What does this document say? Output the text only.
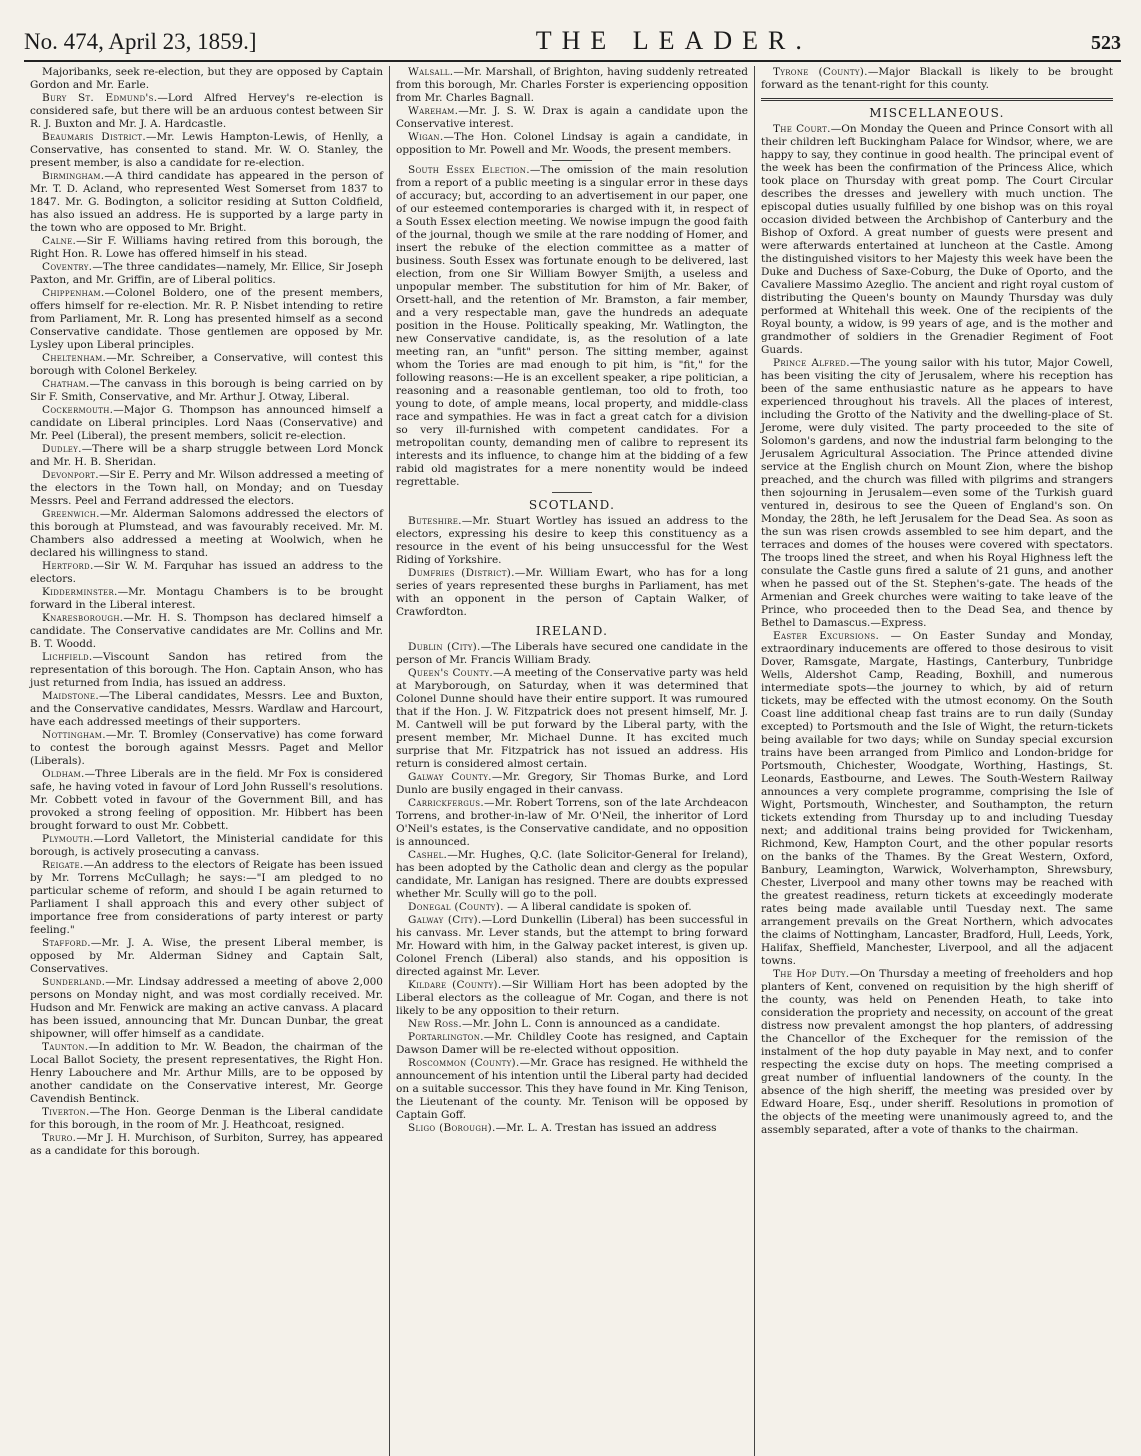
No. 474, April 23, 1859.]	THE LEADER.	523

Majoribanks, seek re-election, but they are opposed by Captain Gordon and Mr. Earle.

Bury St. Edmund's.—Lord Alfred Hervey's re-election is considered safe, but there will be an arduous contest between Sir R. J. Buxton and Mr. J. A. Hardcastle.

Beaumaris District.—Mr. Lewis Hampton-Lewis, of Henlly, a Conservative, has consented to stand. Mr. W. O. Stanley, the present member, is also a candidate for re-election.

Birmingham.—A third candidate has appeared in the person of Mr. T. D. Acland, who represented West Somerset from 1837 to 1847. Mr. G. Bodington, a solicitor residing at Sutton Coldfield, has also issued an address. He is supported by a large party in the town who are opposed to Mr. Bright.

Calne.—Sir F. Williams having retired from this borough, the Right Hon. R. Lowe has offered himself in his stead.

Coventry.—The three candidates—namely, Mr. Ellice, Sir Joseph Paxton, and Mr. Griffin, are of Liberal politics.

Chippenham.—Colonel Boldero, one of the present members, offers himself for re-election. Mr. R. P. Nisbet intending to retire from Parliament, Mr. R. Long has presented himself as a second Conservative candidate. Those gentlemen are opposed by Mr. Lysley upon Liberal principles.

Cheltenham.—Mr. Schreiber, a Conservative, will contest this borough with Colonel Berkeley.

Chatham.—The canvass in this borough is being carried on by Sir F. Smith, Conservative, and Mr. Arthur J. Otway, Liberal.

Cockermouth.—Major G. Thompson has announced himself a candidate on Liberal principles. Lord Naas (Conservative) and Mr. Peel (Liberal), the present members, solicit re-election.

Dudley.—There will be a sharp struggle between Lord Monck and Mr. H. B. Sheridan.

Devonport.—Sir E. Perry and Mr. Wilson addressed a meeting of the electors in the Town hall, on Monday; and on Tuesday Messrs. Peel and Ferrand addressed the electors.

Greenwich.—Mr. Alderman Salomons addressed the electors of this borough at Plumstead, and was favourably received. Mr. M. Chambers also addressed a meeting at Woolwich, when he declared his willingness to stand.

Hertford.—Sir W. M. Farquhar has issued an address to the electors.

Kidderminster.—Mr. Montagu Chambers is to be brought forward in the Liberal interest.

Knaresborough.—Mr. H. S. Thompson has declared himself a candidate. The Conservative candidates are Mr. Collins and Mr. B. T. Woodd.

Lichfield.—Viscount Sandon has retired from the representation of this borough. The Hon. Captain Anson, who has just returned from India, has issued an address.

Maidstone.—The Liberal candidates, Messrs. Lee and Buxton, and the Conservative candidates, Messrs. Wardlaw and Harcourt, have each addressed meetings of their supporters.

Nottingham.—Mr. T. Bromley (Conservative) has come forward to contest the borough against Messrs. Paget and Mellor (Liberals).

Oldham.—Three Liberals are in the field. Mr Fox is considered safe, he having voted in favour of Lord John Russell's resolutions. Mr. Cobbett voted in favour of the Government Bill, and has provoked a strong feeling of opposition. Mr. Hibbert has been brought forward to oust Mr. Cobbett.

Plymouth.—Lord Valletort, the Ministerial candidate for this borough, is actively prosecuting a canvass.

Reigate.—An address to the electors of Reigate has been issued by Mr. Torrens McCullagh; he says:—"I am pledged to no particular scheme of reform, and should I be again returned to Parliament I shall approach this and every other subject of importance free from considerations of party interest or party feeling."

Stafford.—Mr. J. A. Wise, the present Liberal member, is opposed by Mr. Alderman Sidney and Captain Salt, Conservatives.

Sunderland.—Mr. Lindsay addressed a meeting of above 2,000 persons on Monday night, and was most cordially received. Mr. Hudson and Mr. Fenwick are making an active canvass. A placard has been issued, announcing that Mr. Duncan Dunbar, the great shipowner, will offer himself as a candidate.

Taunton.—In addition to Mr. W. Beadon, the chairman of the Local Ballot Society, the present representatives, the Right Hon. Henry Labouchere and Mr. Arthur Mills, are to be opposed by another candidate on the Conservative interest, Mr. George Cavendish Bentinck.

Tiverton.—The Hon. George Denman is the Liberal candidate for this borough, in the room of Mr. J. Heathcoat, resigned.

Truro.—Mr J. H. Murchison, of Surbiton, Surrey, has appeared as a candidate for this borough.

Walsall.—Mr. Marshall, of Brighton, having suddenly retreated from this borough, Mr. Charles Forster is experiencing opposition from Mr. Charles Bagnall.

Wareham.—Mr. J. S. W. Drax is again a candidate upon the Conservative interest.

Wigan.—The Hon. Colonel Lindsay is again a candidate, in opposition to Mr. Powell and Mr. Woods, the present members.

South Essex Election.—The omission of the main resolution from a report of a public meeting is a singular error in these days of accuracy; but, according to an advertisement in our paper, one of our esteemed contemporaries is charged with it, in respect of a South Essex election meeting. We nowise impugn the good faith of the journal, though we smile at the rare nodding of Homer, and insert the rebuke of the election committee as a matter of business. South Essex was fortunate enough to be delivered, last election, from one Sir William Bowyer Smijth, a useless and unpopular member. The substitution for him of Mr. Baker, of Orsett-hall, and the retention of Mr. Bramston, a fair member, and a very respectable man, gave the hundreds an adequate position in the House. Politically speaking, Mr. Watlington, the new Conservative candidate, is, as the resolution of a late meeting ran, an "unfit" person. The sitting member, against whom the Tories are mad enough to pit him, is "fit," for the following reasons:—He is an excellent speaker, a ripe politician, a reasoning and a reasonable gentleman, too old to froth, too young to dote, of ample means, local property, and middle-class race and sympathies. He was in fact a great catch for a division so very ill-furnished with competent candidates. For a metropolitan county, demanding men of calibre to represent its interests and its influence, to change him at the bidding of a few rabid old magistrates for a mere nonentity would be indeed regrettable.

SCOTLAND.

Buteshire.—Mr. Stuart Wortley has issued an address to the electors, expressing his desire to keep this constituency as a resource in the event of his being unsuccessful for the West Riding of Yorkshire.

Dumfries (District).—Mr. William Ewart, who has for a long series of years represented these burghs in Parliament, has met with an opponent in the person of Captain Walker, of Crawfordton.

IRELAND.

Dublin (City).—The Liberals have secured one candidate in the person of Mr. Francis William Brady.

Queen's County.—A meeting of the Conservative party was held at Maryborough, on Saturday, when it was determined that Colonel Dunne should have their entire support. It was rumoured that if the Hon. J. W. Fitzpatrick does not present himself, Mr. J. M. Cantwell will be put forward by the Liberal party, with the present member, Mr. Michael Dunne. It has excited much surprise that Mr. Fitzpatrick has not issued an address. His return is considered almost certain.

Galway County.—Mr. Gregory, Sir Thomas Burke, and Lord Dunlo are busily engaged in their canvass.

Carrickfergus.—Mr. Robert Torrens, son of the late Archdeacon Torrens, and brother-in-law of Mr. O'Neil, the inheritor of Lord O'Neil's estates, is the Conservative candidate, and no opposition is announced.

Cashel.—Mr. Hughes, Q.C. (late Solicitor-General for Ireland), has been adopted by the Catholic dean and clergy as the popular candidate, Mr. Lanigan has resigned. There are doubts expressed whether Mr. Scully will go to the poll.

Donegal (County). — A liberal candidate is spoken of.

Galway (City).—Lord Dunkellin (Liberal) has been successful in his canvass. Mr. Lever stands, but the attempt to bring forward Mr. Howard with him, in the Galway packet interest, is given up. Colonel French (Liberal) also stands, and his opposition is directed against Mr. Lever.

Kildare (County).—Sir William Hort has been adopted by the Liberal electors as the colleague of Mr. Cogan, and there is not likely to be any opposition to their return.

New Ross.—Mr. John L. Conn is announced as a candidate.

Portarlington.—Mr. Childley Coote has resigned, and Captain Dawson Damer will be re-elected without opposition.

Roscommon (County).—Mr. Grace has resigned. He withheld the announcement of his intention until the Liberal party had decided on a suitable successor. This they have found in Mr. King Tenison, the Lieutenant of the county. Mr. Tenison will be opposed by Captain Goff.

Sligo (Borough).—Mr. L. A. Trestan has issued an address

Tyrone (County).—Major Blackall is likely to be brought forward as the tenant-right for this county.

MISCELLANEOUS.

The Court.—On Monday the Queen and Prince Consort with all their children left Buckingham Palace for Windsor, where, we are happy to say, they continue in good health. The principal event of the week has been the confirmation of the Princess Alice, which took place on Thursday with great pomp. The Court Circular describes the dresses and jewellery with much unction. The episcopal duties usually fulfilled by one bishop was on this royal occasion divided between the Archbishop of Canterbury and the Bishop of Oxford. A great number of guests were present and were afterwards entertained at luncheon at the Castle. Among the distinguished visitors to her Majesty this week have been the Duke and Duchess of Saxe-Coburg, the Duke of Oporto, and the Cavaliere Massimo Azeglio. The ancient and right royal custom of distributing the Queen's bounty on Maundy Thursday was duly performed at Whitehall this week. One of the recipients of the Royal bounty, a widow, is 99 years of age, and is the mother and grandmother of soldiers in the Grenadier Regiment of Foot Guards.

Prince Alfred.—The young sailor with his tutor, Major Cowell, has been visiting the city of Jerusalem, where his reception has been of the same enthusiastic nature as he appears to have experienced throughout his travels. All the places of interest, including the Grotto of the Nativity and the dwelling-place of St. Jerome, were duly visited. The party proceeded to the site of Solomon's gardens, and now the industrial farm belonging to the Jerusalem Agricultural Association. The Prince attended divine service at the English church on Mount Zion, where the bishop preached, and the church was filled with pilgrims and strangers then sojourning in Jerusalem—even some of the Turkish guard ventured in, desirous to see the Queen of England's son. On Monday, the 28th, he left Jerusalem for the Dead Sea. As soon as the sun was risen crowds assembled to see him depart, and the terraces and domes of the houses were covered with spectators. The troops lined the street, and when his Royal Highness left the consulate the Castle guns fired a salute of 21 guns, and another when he passed out of the St. Stephen's-gate. The heads of the Armenian and Greek churches were waiting to take leave of the Prince, who proceeded then to the Dead Sea, and thence by Bethel to Damascus.—Express.

Easter Excursions. — On Easter Sunday and Monday, extraordinary inducements are offered to those desirous to visit Dover, Ramsgate, Margate, Hastings, Canterbury, Tunbridge Wells, Aldershot Camp, Reading, Boxhill, and numerous intermediate spots—the journey to which, by aid of return tickets, may be effected with the utmost economy. On the South Coast line additional cheap fast trains are to run daily (Sunday excepted) to Portsmouth and the Isle of Wight, the return-tickets being available for two days; while on Sunday special excursion trains have been arranged from Pimlico and London-bridge for Portsmouth, Chichester, Woodgate, Worthing, Hastings, St. Leonards, Eastbourne, and Lewes. The South-Western Railway announces a very complete programme, comprising the Isle of Wight, Portsmouth, Winchester, and Southampton, the return tickets extending from Thursday up to and including Tuesday next; and additional trains being provided for Twickenham, Richmond, Kew, Hampton Court, and the other popular resorts on the banks of the Thames. By the Great Western, Oxford, Banbury, Leamington, Warwick, Wolverhampton, Shrewsbury, Chester, Liverpool and many other towns may be reached with the greatest readiness, return tickets at exceedingly moderate rates being made available until Tuesday next. The same arrangement prevails on the Great Northern, which advocates the claims of Nottingham, Lancaster, Bradford, Hull, Leeds, York, Halifax, Sheffield, Manchester, Liverpool, and all the adjacent towns.

The Hop Duty.—On Thursday a meeting of freeholders and hop planters of Kent, convened on requisition by the high sheriff of the county, was held on Penenden Heath, to take into consideration the propriety and necessity, on account of the great distress now prevalent amongst the hop planters, of addressing the Chancellor of the Exchequer for the remission of the instalment of the hop duty payable in May next, and to confer respecting the excise duty on hops. The meeting comprised a great number of influential landowners of the county. In the absence of the high sheriff, the meeting was presided over by Edward Hoare, Esq., under sheriff. Resolutions in promotion of the objects of the meeting were unanimously agreed to, and the assembly separated, after a vote of thanks to the chairman.
